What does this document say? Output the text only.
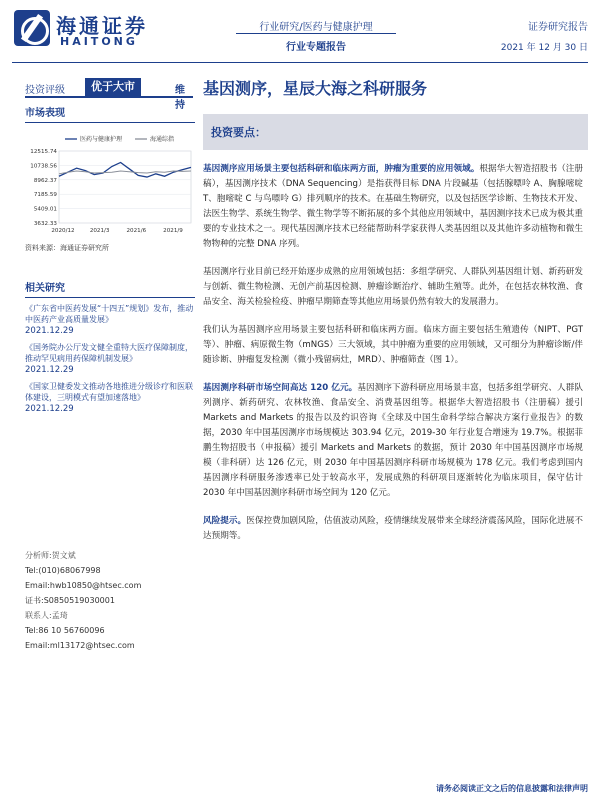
海通证券
HAITONG
行业研究/医药与健康护理
行业专题报告
证券研究报告
2021 年 12 月 30 日
投资评级	优于大市	维持
基因测序，星辰大海之科研服务
市场表现
12515.74
10738.56
8962.37
7185.59
5409.01
3632.33
2020/12	2021/3	2021/6	2021/9
医药与健康护理	海通综指
资料来源：海通证券研究所
相关研究
《广东省中医药发展“十四五”规划》发布，推动中医药产业高质量发展》
2021.12.29
《国务院办公厅发文健全重特大医疗保障制度，推动罕见病用药保障机制发展》
2021.12.29
《国家卫健委发文推动各地推进分级诊疗和医联体建设，三明模式有望加速落地》
2021.12.29
分析师:贺文斌
Tel:(010)68067998
Email:hwb10850@htsec.com
证书:S0850519030001
联系人:孟琦
Tel:86 10 56760096
Email:ml13172@htsec.com
投资要点：

基因测序应用场景主要包括科研和临床两方面，肿瘤为重要的应用领域。根据华大智造招股书（注册稿），基因测序技术（DNA Sequencing）是指获得目标 DNA 片段碱基（包括腺嘌呤 A、胸腺嘧啶 T、胞嘧啶 C 与鸟嘌呤 G）排列顺序的技术。在基础生物研究，以及包括医学诊断、生物技术开发、法医生物学、系统生物学、微生物学等不断拓展的多个其他应用领域中，基因测序技术已成为极其重要的专业技术之一。现代基因测序技术已经能帮助科学家获得人类基因组以及其他许多动植物和微生物物种的完整 DNA 序列。

基因测序行业目前已经开始逐步成熟的应用领域包括：多组学研究、人群队列基因组计划、新药研发与创新、微生物检测、无创产前基因检测、肿瘤诊断治疗、辅助生殖等。此外，在包括农林牧渔、食品安全、海关检验检疫、肿瘤早期筛查等其他应用场景仍然有较大的发展潜力。

我们认为基因测序应用场景主要包括科研和临床两方面。临床方面主要包括生殖遗传（NIPT、PGT 等）、肿瘤、病原微生物（mNGS）三大领域，其中肿瘤为重要的应用领域，又可细分为肿瘤诊断/伴随诊断、肿瘤复发检测（微小残留病灶，MRD）、肿瘤筛查（图 1）。

基因测序科研市场空间高达 120 亿元。基因测序下游科研应用场景丰富，包括多组学研究、人群队列测序、新药研究、农林牧渔、食品安全、消费基因组等。根据华大智造招股书（注册稿）援引 Markets and Markets 的报告以及约识咨询《全球及中国生命科学综合解决方案行业报告》的数据，2030 年中国基因测序市场规模达 303.94 亿元，2019-30 年行业复合增速为 19.7%。根据菲鹏生物招股书（申报稿）援引 Markets and Markets 的数据，预计 2030 年中国基因测序市场规模（非科研）达 126 亿元，则 2030 年中国基因测序科研市场规模为 178 亿元。我们考虑到国内基因测序科研服务渗透率已处于较高水平，发展成熟的科研项目逐渐转化为临床项目，保守估计 2030 年中国基因测序科研市场空间为 120 亿元。

风险提示。医保控费加剧风险，估值波动风险，疫情继续发展带来全球经济震荡风险，国际化进展不达预期等。

请务必阅读正文之后的信息披露和法律声明
